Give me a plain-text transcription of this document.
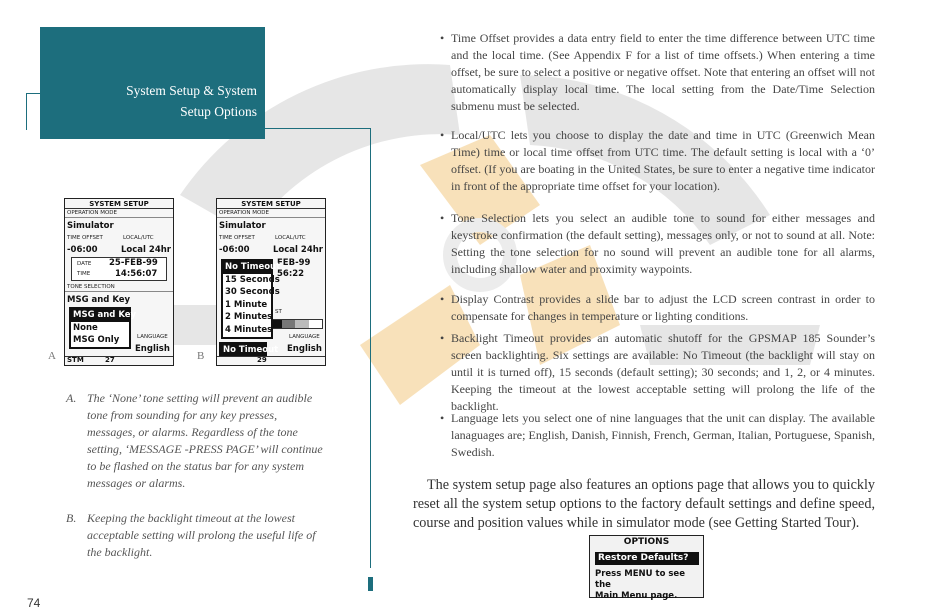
System Setup & System
Setup Options
SYSTEM SETUP
OPERATION MODE
Simulator
TIME OFFSET	LOCAL/UTC
-06:00	Local 24hr
DATE 25-FEB-99
TIME	14:56:07
TONE SELECTION
MSG and Key
LANGUAGE
English
STM	27
MSG and Key
None
MSG Only
A
SYSTEM SETUP
OPERATION MODE
Simulator
TIME OFFSET	LOCAL/UTC
-06:00	Local 24hr
FEB-99
56:22
ST
LANGUAGE
English
29
No Timeout
15 Seconds
30 Seconds
1 Minute
2 Minutes
4 Minutes
No Timeout
B
A. The ‘None’ tone setting will prevent an audible tone from sounding for any key presses, messages, or alarms. Regardless of the tone setting, ‘MESSAGE -PRESS PAGE’ will continue to be flashed on the status bar for any system messages or alarms.
B. Keeping the backlight timeout at the lowest acceptable setting will prolong the useful life of the backlight.
• Time Offset provides a data entry field to enter the time difference between UTC time and the local time. (See Appendix F for a list of time offsets.) When entering a time offset, be sure to select a positive or negative offset. Note that entering an offset will not automatically display local time. The local setting from the Date/Time Selection submenu must be selected.
• Local/UTC lets you choose to display the date and time in UTC (Greenwich Mean Time) time or local time offset from UTC time. The default setting is local with a ‘0’ offset. (If you are boating in the United States, be sure to enter a negative time indicator in front of the appropriate time offset for your location).
• Tone Selection lets you select an audible tone to sound for either messages and keystroke confirmation (the default setting), messages only, or not to sound at all. Note: Setting the tone selection for no sound will prevent an audible tone for all alarms, including shallow water and proximity waypoints.
• Display Contrast provides a slide bar to adjust the LCD screen contrast in order to compensate for changes in temperature or lighting conditions.
• Backlight Timeout provides an automatic shutoff for the GPSMAP 185 Sounder’s screen backlighting. Six settings are available: No Timeout (the backlight will stay on until it is turned off), 15 seconds (default setting); 30 seconds; and 1, 2, or 4 minutes. Keeping the timeout at the lowest acceptable setting will prolong the life of the backlight.
• Language lets you select one of nine languages that the unit can display. The available lanaguages are; English, Danish, Finnish, French, German, Italian, Portuguese, Spanish, Swedish.
The system setup page also features an options page that allows you to quickly reset all the system setup options to the factory default settings and define speed, course and position values while in simulator mode (see Getting Started Tour).
OPTIONS
Restore Defaults?
Press MENU to see the
Main Menu page.
74
